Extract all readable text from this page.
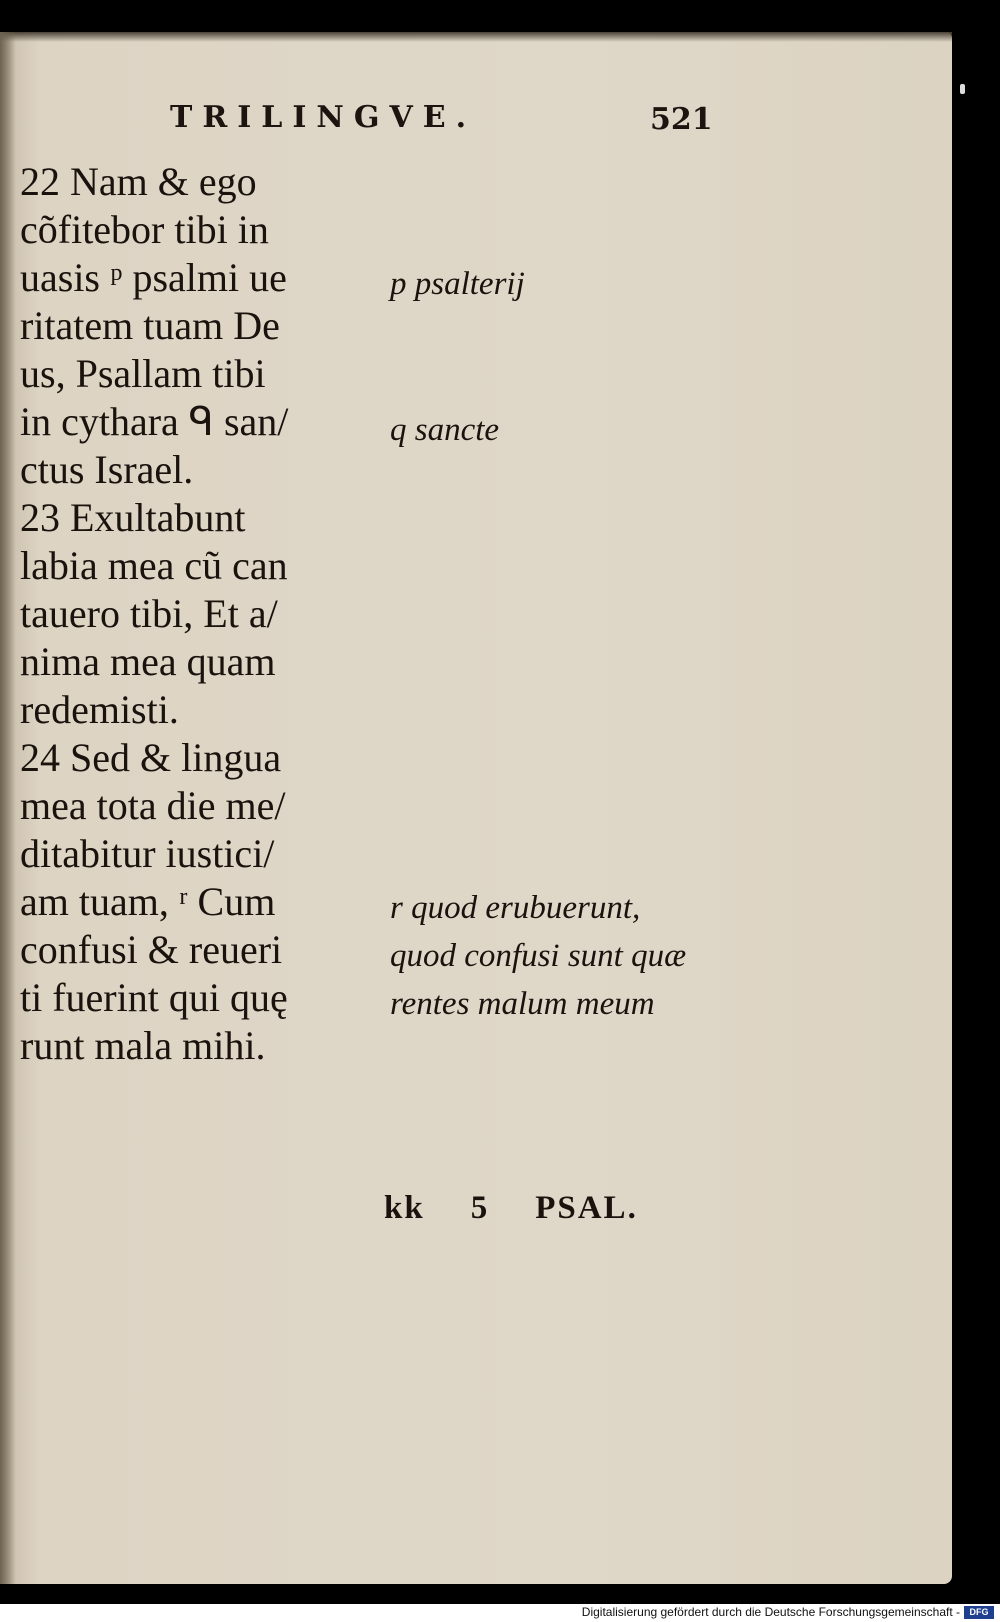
TRILINGVE.	521
22 Nam & ego
cõfitebor tibi in
uasis ᵖ psalmi ue
ritatem tuam De
us, Psallam tibi
in cythara ᑫ san/
ctus Israel.
23 Exultabunt
labia mea cũ can
tauero tibi, Et a/
nima mea quam
redemisti.
24 Sed & lingua
mea tota die me/
ditabitur iustici/
am tuam, ʳ Cum
confusi & reueri
ti fuerint qui quę
runt mala mihi.
p psalterij
q sancte
r quod erubuerunt,
quod confusi sunt quæ
rentes malum meum
kk 5 PSAL.
Digitalisierung gefördert durch die Deutsche Forschungsgemeinschaft -	DFG
